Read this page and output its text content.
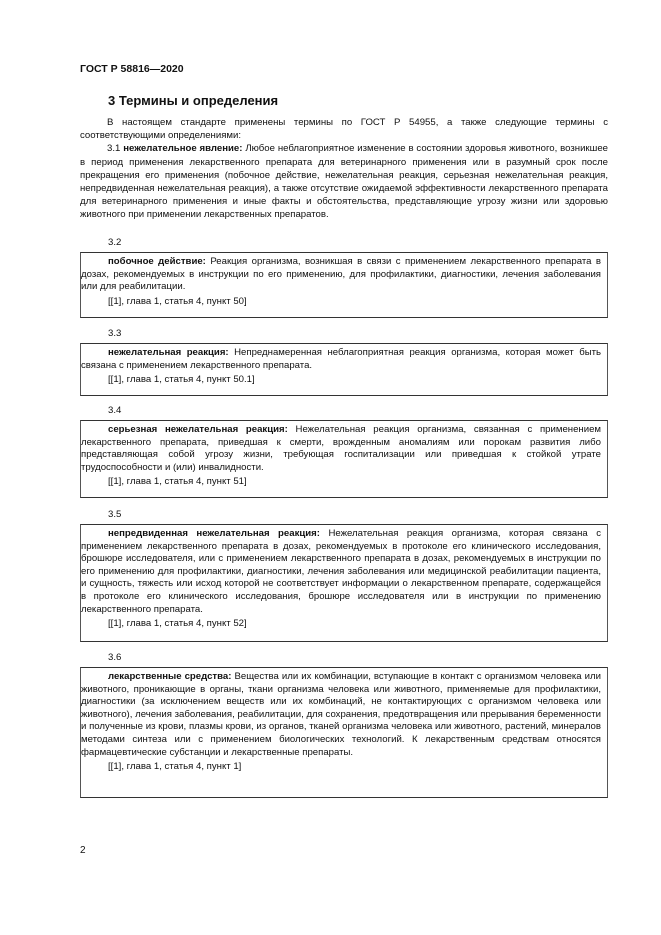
ГОСТ Р 58816—2020
3 Термины и определения

В настоящем стандарте применены термины по ГОСТ Р 54955, а также следующие термины с соответствующими определениями:

3.1 нежелательное явление: Любое неблагоприятное изменение в состоянии здоровья животного, возникшее в период применения лекарственного препарата для ветеринарного применения или в разумный срок после прекращения его применения (побочное действие, нежелательная реакция, серьезная нежелательная реакция, непредвиденная нежелательная реакция), а также отсутствие ожидаемой эффективности лекарственного препарата для ветеринарного применения и иные факты и обстоятельства, представляющие угрозу жизни или здоровью животного при применении лекарственных препаратов.

3.2

побочное действие: Реакция организма, возникшая в связи с применением лекарственного препарата в дозах, рекомендуемых в инструкции по его применению, для профилактики, диагностики, лечения заболевания или для реабилитации.

[[1], глава 1, статья 4, пункт 50]

3.3

нежелательная реакция: Непреднамеренная неблагоприятная реакция организма, которая может быть связана с применением лекарственного препарата.

[[1], глава 1, статья 4, пункт 50.1]

3.4

серьезная нежелательная реакция: Нежелательная реакция организма, связанная с применением лекарственного препарата, приведшая к смерти, врожденным аномалиям или порокам развития либо представляющая собой угрозу жизни, требующая госпитализации или приведшая к стойкой утрате трудоспособности и (или) инвалидности.

[[1], глава 1, статья 4, пункт 51]

3.5

непредвиденная нежелательная реакция: Нежелательная реакция организма, которая связана с применением лекарственного препарата в дозах, рекомендуемых в протоколе его клинического исследования, брошюре исследователя, или с применением лекарственного препарата в дозах, рекомендуемых в инструкции по его применению для профилактики, диагностики, лечения заболевания или медицинской реабилитации пациента, и сущность, тяжесть или исход которой не соответствует информации о лекарственном препарате, содержащейся в протоколе его клинического исследования, брошюре исследователя или в инструкции по применению лекарственного препарата.

[[1], глава 1, статья 4, пункт 52]

3.6

лекарственные средства: Вещества или их комбинации, вступающие в контакт с организмом человека или животного, проникающие в органы, ткани организма человека или животного, применяемые для профилактики, диагностики (за исключением веществ или их комбинаций, не контактирующих с организмом человека или животного), лечения заболевания, реабилитации, для сохранения, предотвращения или прерывания беременности и полученные из крови, плазмы крови, из органов, тканей организма человека или животного, растений, минералов методами синтеза или с применением биологических технологий. К лекарственным средствам относятся фармацевтические субстанции и лекарственные препараты.

[[1], глава 1, статья 4, пункт 1]

2
